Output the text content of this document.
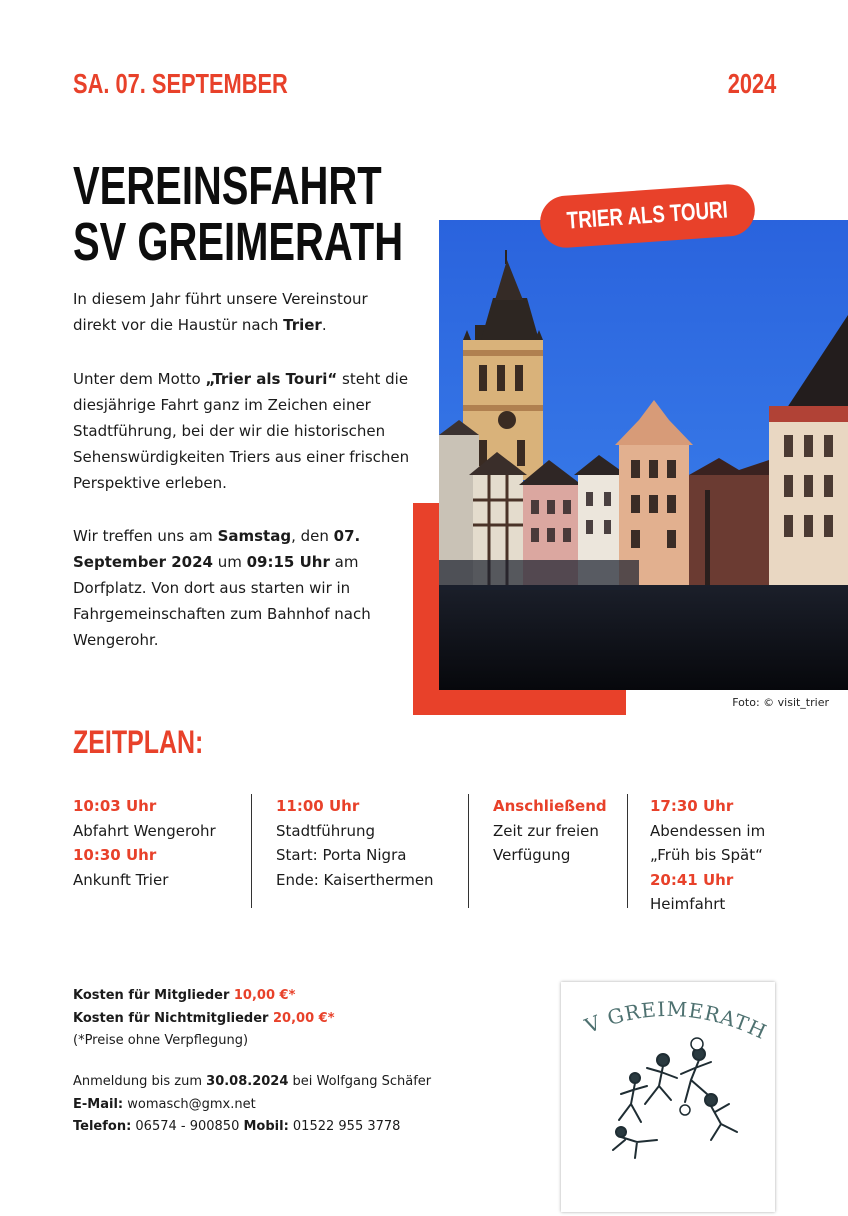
SA. 07. SEPTEMBER	2024
VEREINSFAHRT
SV GREIMERATH

In diesem Jahr führt unsere Vereinstour direkt vor die Haustür nach Trier.

Unter dem Motto „Trier als Touri“ steht die diesjährige Fahrt ganz im Zeichen einer Stadtführung, bei der wir die historischen Sehenswürdigkeiten Triers aus einer frischen Perspektive erleben.

Wir treffen uns am Samstag, den 07. September 2024 um 09:15 Uhr am Dorfplatz. Von dort aus starten wir in Fahrgemeinschaften zum Bahnhof nach Wengerohr.

TRIER ALS TOURI
Foto: © visit_trier
ZEITPLAN:
10:03 Uhr
Abfahrt Wengerohr
10:30 Uhr
Ankunft Trier
11:00 Uhr
Stadtführung
Start: Porta Nigra
Ende: Kaiserthermen
Anschließend
Zeit zur freien
Verfügung
17:30 Uhr
Abendessen im
„Früh bis Spät“
20:41 Uhr
Heimfahrt
Kosten für Mitglieder 10,00 €*
Kosten für Nichtmitglieder 20,00 €*
(*Preise ohne Verpflegung)
Anmeldung bis zum 30.08.2024 bei Wolfgang Schäfer
E-Mail: womasch@gmx.net
Telefon: 06574 - 900850 Mobil: 01522 955 3778
V GREIMERATH
